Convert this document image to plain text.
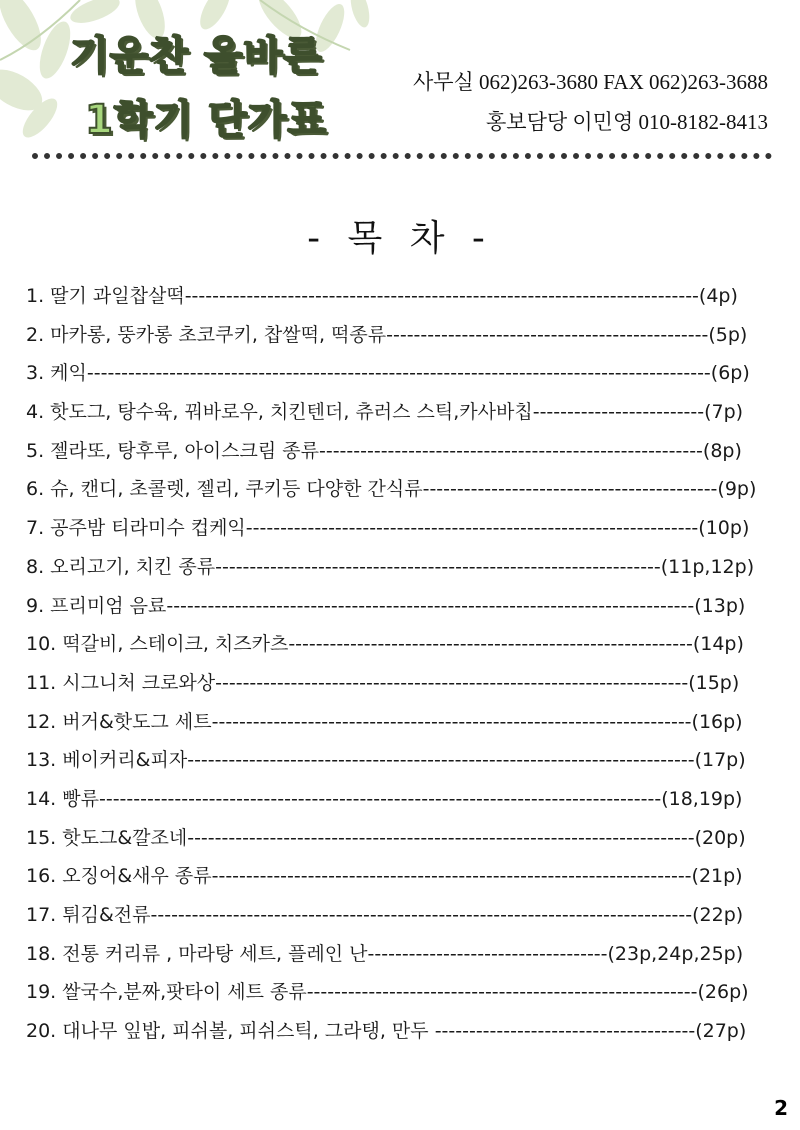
기운찬 올바른
1학기 단가표
사무실 062)263-3680 FAX 062)263-3688
홍보담당 이민영 010-8182-8413
- 목 차 -
1. 딸기 과일찹살떡---------------------------------------------------------------------------(4p)
2. 마카롱, 뚱카롱 초코쿠키, 찹쌀떡, 떡종류-----------------------------------------------(5p)
3. 케익-------------------------------------------------------------------------------------------(6p)
4. 핫도그, 탕수육, 꿔바로우, 치킨텐더, 츄러스 스틱,카사바칩-------------------------(7p)
5. 젤라또, 탕후루, 아이스크림 종류--------------------------------------------------------(8p)
6. 슈, 캔디, 초콜렛, 젤리, 쿠키등 다양한 간식류-------------------------------------------(9p)
7. 공주밤 티라미수 컵케익------------------------------------------------------------------(10p)
8. 오리고기, 치킨 종류-----------------------------------------------------------------(11p,12p)
9. 프리미엄 음료-----------------------------------------------------------------------------(13p)
10. 떡갈비, 스테이크, 치즈카츠-----------------------------------------------------------(14p)
11. 시그니처 크로와상---------------------------------------------------------------------(15p)
12. 버거&핫도그 세트----------------------------------------------------------------------(16p)
13. 베이커리&피자--------------------------------------------------------------------------(17p)
14. 빵류----------------------------------------------------------------------------------(18,19p)
15. 핫도그&깔조네--------------------------------------------------------------------------(20p)
16. 오징어&새우 종류----------------------------------------------------------------------(21p)
17. 튀김&전류-------------------------------------------------------------------------------(22p)
18. 전통 커리류 , 마라탕 세트, 플레인 난-----------------------------------(23p,24p,25p)
19. 쌀국수,분짜,팟타이 세트 종류---------------------------------------------------------(26p)
20. 대나무 잎밥, 피쉬볼, 피쉬스틱, 그라탱, 만두 --------------------------------------(27p)
2
